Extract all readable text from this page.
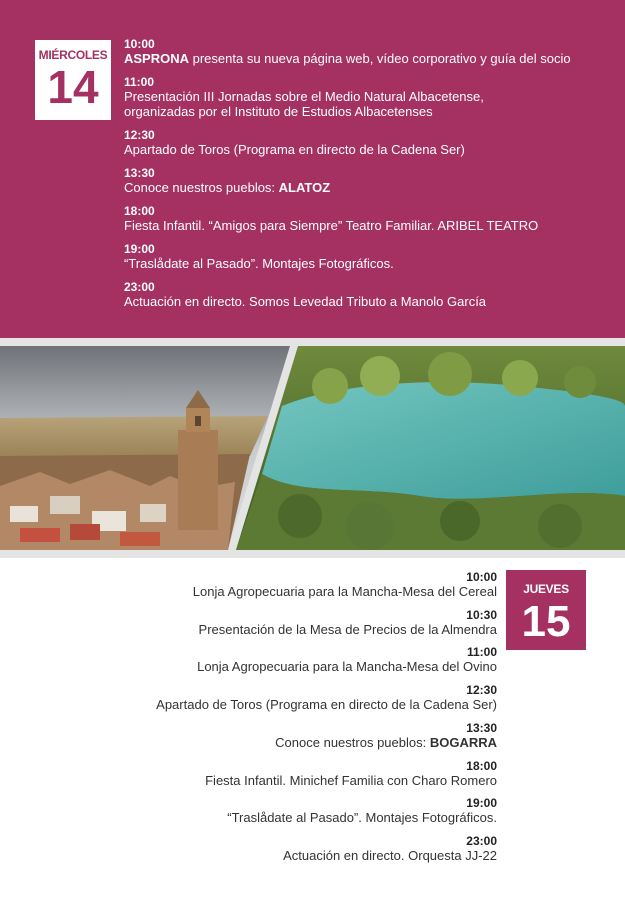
MIÉRCOLES
14
10:00
ASPRONA presenta su nueva página web, vídeo corporativo y guía del socio
11:00
Presentación III Jornadas sobre el Medio Natural Albacetense,
organizadas por el Instituto de Estudios Albacetenses
12:30
Apartado de Toros (Programa en directo de la Cadena Ser)
13:30
Conoce nuestros pueblos: ALATOZ
18:00
Fiesta Infantil. “Amigos para Siempre” Teatro Familiar. ARIBEL TEATRO
19:00
“Traslådate al Pasado”. Montajes Fotográficos.
23:00
Actuación en directo. Somos Levedad Tributo a Manolo García
JUEVES
15
10:00
Lonja Agropecuaria para la Mancha-Mesa del Cereal
10:30
Presentación de la Mesa de Precios de la Almendra
11:00
Lonja Agropecuaria para la Mancha-Mesa del Ovino
12:30
Apartado de Toros (Programa en directo de la Cadena Ser)
13:30
Conoce nuestros pueblos: BOGARRA
18:00
Fiesta Infantil. Minichef Familia con Charo Romero
19:00
“Traslådate al Pasado”. Montajes Fotográficos.
23:00
Actuación en directo. Orquesta JJ-22
